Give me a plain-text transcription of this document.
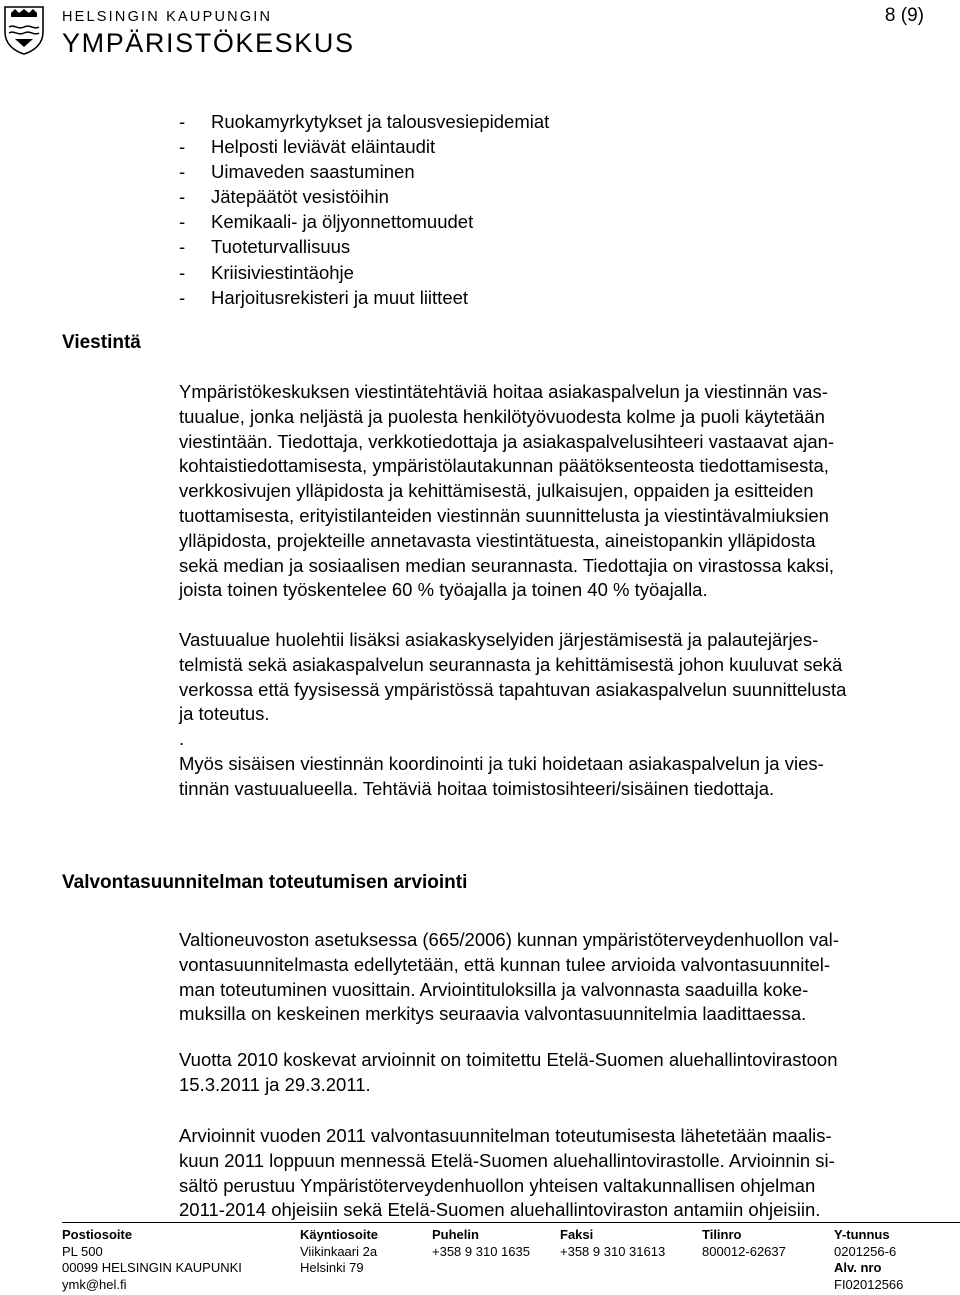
HELSINGIN KAUPUNGIN
YMPÄRISTÖKESKUS
8 (9)
- Ruokamyrkytykset ja talousvesiepidemiat
- Helposti leviävät eläintaudit
- Uimaveden saastuminen
- Jätepäätöt vesistöihin
- Kemikaali- ja öljyonnettomuudet
- Tuoteturvallisuus
- Kriisiviestintäohje
- Harjoitusrekisteri ja muut liitteet
Viestintä

Ympäristökeskuksen viestintätehtäviä hoitaa asiakaspalvelun ja viestinnän vas-
tuualue, jonka neljästä ja puolesta henkilötyövuodesta kolme ja puoli käytetään
viestintään. Tiedottaja, verkkotiedottaja ja asiakaspalvelusihteeri vastaavat ajan-
kohtaistiedottamisesta, ympäristölautakunnan päätöksenteosta tiedottamisesta,
verkkosivujen ylläpidosta ja kehittämisestä, julkaisujen, oppaiden ja esitteiden
tuottamisesta, erityistilanteiden viestinnän suunnittelusta ja viestintävalmiuksien
ylläpidosta, projekteille annetavasta viestintätuesta, aineistopankin ylläpidosta
sekä median ja sosiaalisen median seurannasta. Tiedottajia on virastossa kaksi,
joista toinen työskentelee 60 % työajalla ja toinen 40 % työajalla.

Vastuualue huolehtii lisäksi asiakaskyselyiden järjestämisestä ja palautejärjes-
telmistä sekä asiakaspalvelun seurannasta ja kehittämisestä johon kuuluvat sekä
verkossa että fyysisessä ympäristössä tapahtuvan asiakaspalvelun suunnittelusta
ja toteutus.
.
Myös sisäisen viestinnän koordinointi ja tuki hoidetaan asiakaspalvelun ja vies-
tinnän vastuualueella. Tehtäviä hoitaa toimistosihteeri/sisäinen tiedottaja.

Valvontasuunnitelman toteutumisen arviointi

Valtioneuvoston asetuksessa (665/2006) kunnan ympäristöterveydenhuollon val-
vontasuunnitelmasta edellytetään, että kunnan tulee arvioida valvontasuunnitel-
man toteutuminen vuosittain. Arviointituloksilla ja valvonnasta saaduilla koke-
muksilla on keskeinen merkitys seuraavia valvontasuunnitelmia laadittaessa.

Vuotta 2010 koskevat arvioinnit on toimitettu Etelä-Suomen aluehallintovirastoon
15.3.2011 ja 29.3.2011.

Arvioinnit vuoden 2011 valvontasuunnitelman toteutumisesta lähetetään maalis-
kuun 2011 loppuun mennessä Etelä-Suomen aluehallintovirastolle. Arvioinnin si-
sältö perustuu Ympäristöterveydenhuollon yhteisen valtakunnallisen ohjelman
2011-2014 ohjeisiin sekä Etelä-Suomen aluehallintoviraston antamiin ohjeisiin.

Postiosoite
PL 500
00099 HELSINGIN KAUPUNKI
ymk@hel.fi
Käyntiosoite
Viikinkaari 2a
Helsinki 79
Puhelin
+358 9 310 1635
Faksi
+358 9 310 31613
Tilinro
800012-62637
Y-tunnus
0201256-6
Alv. nro
FI02012566
